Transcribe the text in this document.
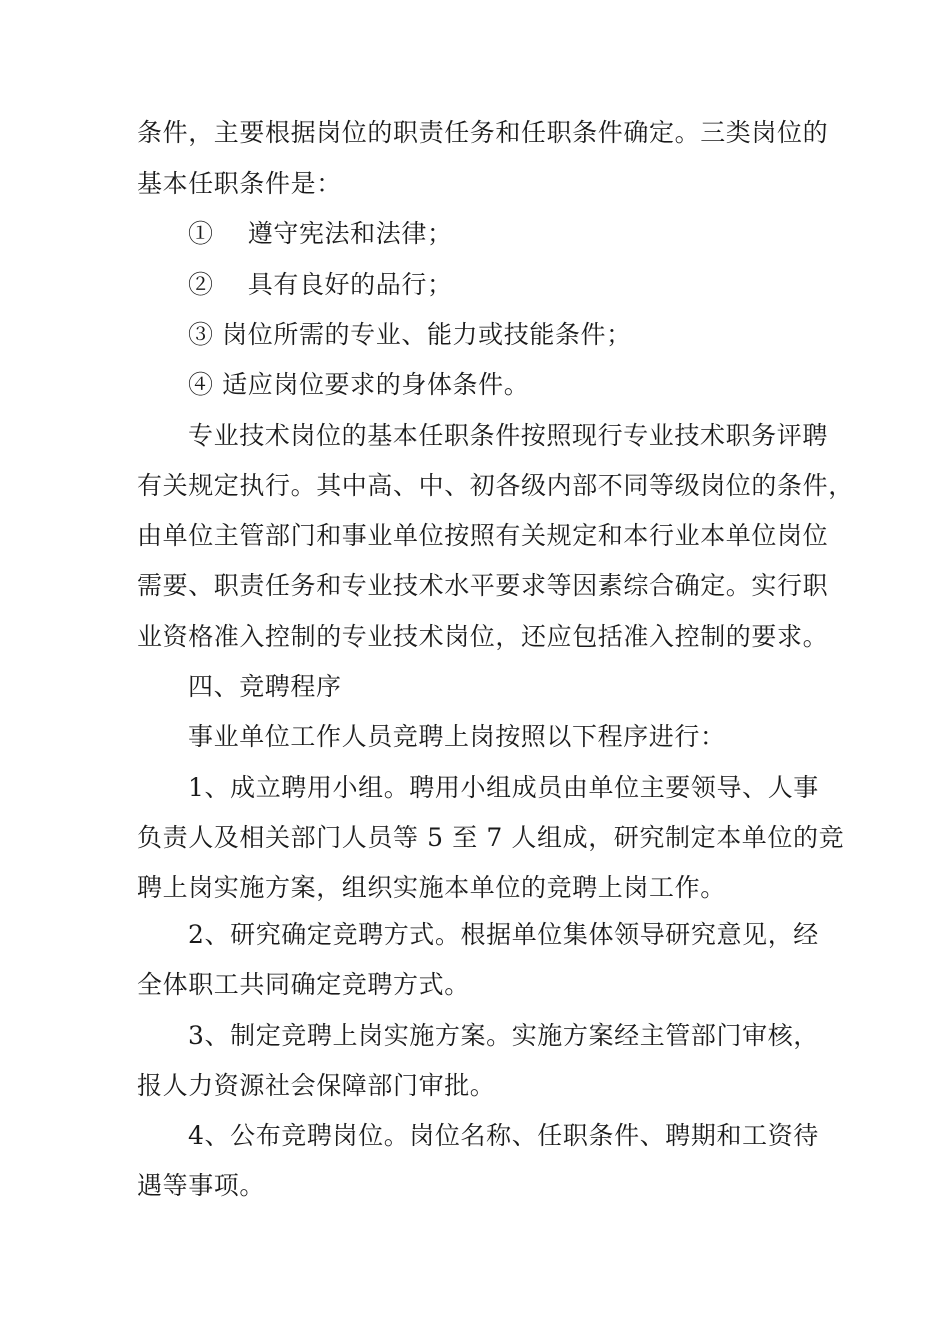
条件，主要根据岗位的职责任务和任职条件确定。三类岗位的
基本任职条件是：
①　 遵守宪法和法律；
②　 具有良好的品行；
③ 岗位所需的专业、能力或技能条件；
④ 适应岗位要求的身体条件。
专业技术岗位的基本任职条件按照现行专业技术职务评聘
有关规定执行。其中高、中、初各级内部不同等级岗位的条件，
由单位主管部门和事业单位按照有关规定和本行业本单位岗位
需要、职责任务和专业技术水平要求等因素综合确定。实行职
业资格准入控制的专业技术岗位，还应包括准入控制的要求。
四、竞聘程序
事业单位工作人员竞聘上岗按照以下程序进行：
1、成立聘用小组。聘用小组成员由单位主要领导、人事
负责人及相关部门人员等 5 至 7 人组成，研究制定本单位的竞
聘上岗实施方案，组织实施本单位的竞聘上岗工作。
2、研究确定竞聘方式。根据单位集体领导研究意见，经
全体职工共同确定竞聘方式。
3、制定竞聘上岗实施方案。实施方案经主管部门审核，
报人力资源社会保障部门审批。
4、公布竞聘岗位。岗位名称、任职条件、聘期和工资待
遇等事项。
